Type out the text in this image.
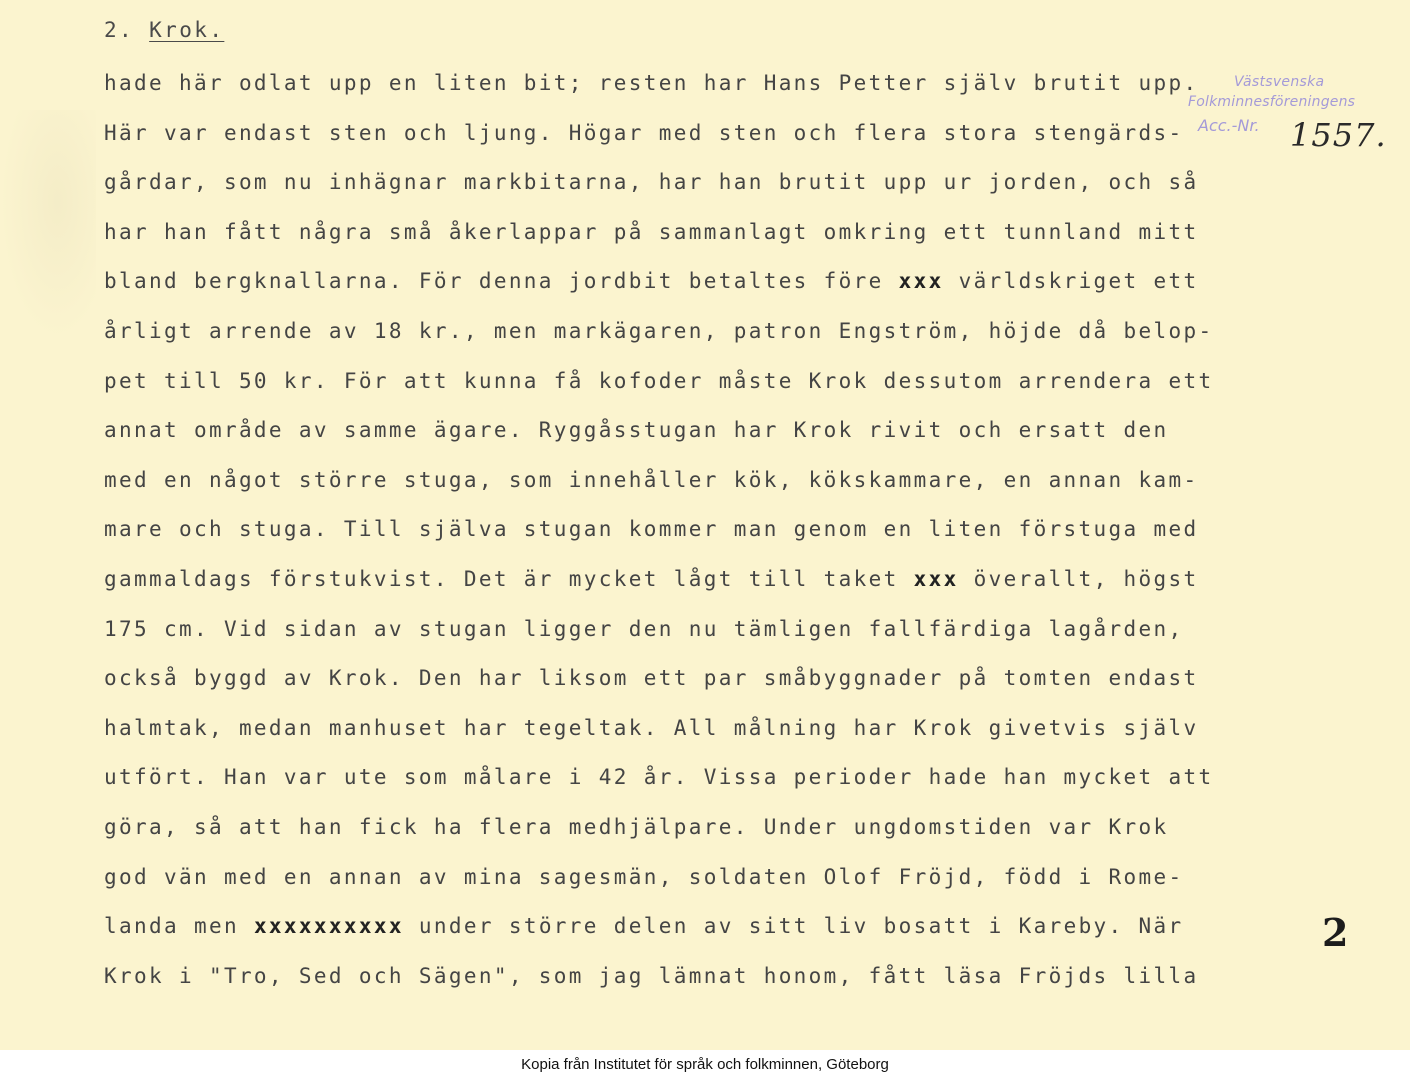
2. Krok.
hade här odlat upp en liten bit; resten har Hans Petter själv brutit upp.
Här var endast sten och ljung. Högar med sten och flera stora stengärds-
gårdar, som nu inhägnar markbitarna, har han brutit upp ur jorden, och så
har han fått några små åkerlappar på sammanlagt omkring ett tunnland mitt
bland bergknallarna. För denna jordbit betaltes före xxx världskriget ett
årligt arrende av 18 kr., men markägaren, patron Engström, höjde då belop-
pet till 50 kr. För att kunna få kofoder måste Krok dessutom arrendera ett
annat område av samme ägare. Ryggåsstugan har Krok rivit och ersatt den
med en något större stuga, som innehåller kök, kökskammare, en annan kam-
mare och stuga. Till själva stugan kommer man genom en liten förstuga med
gammaldags förstukvist. Det är mycket lågt till taket xxx överallt, högst
175 cm. Vid sidan av stugan ligger den nu tämligen fallfärdiga lagården,
också byggd av Krok. Den har liksom ett par småbyggnader på tomten endast
halmtak, medan manhuset har tegeltak. All målning har Krok givetvis själv
utfört. Han var ute som målare i 42 år. Vissa perioder hade han mycket att
göra, så att han fick ha flera medhjälpare. Under ungdomstiden var Krok
god vän med en annan av mina sagesmän, soldaten Olof Fröjd, född i Rome-
landa men xxxxxxxxxx under större delen av sitt liv bosatt i Kareby. När
Krok i "Tro, Sed och Sägen", som jag lämnat honom, fått läsa Fröjds lilla
Västsvenska
Folkminnesföreningens
Acc.-Nr. 1557.
2
Kopia från Institutet för språk och folkminnen, Göteborg
